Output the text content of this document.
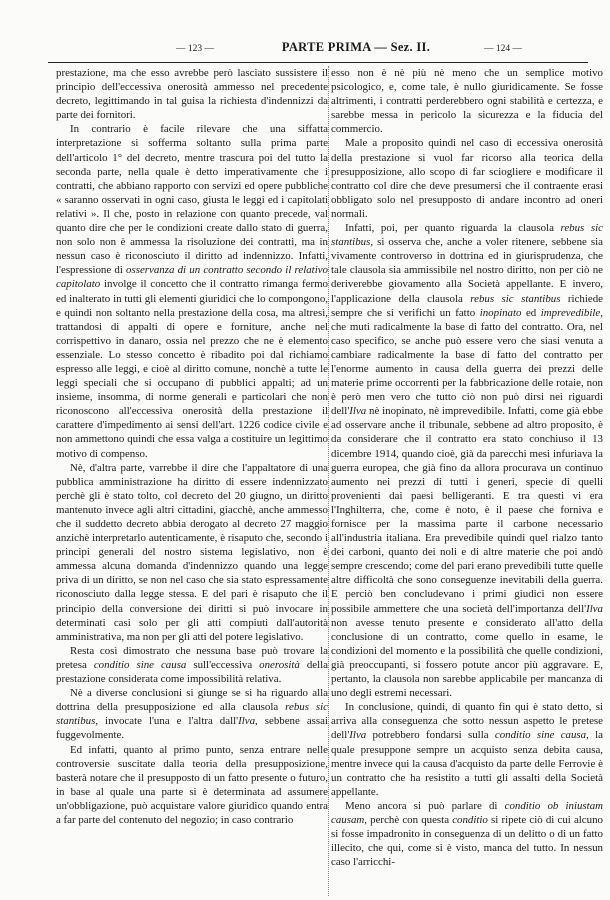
— 123 —	PARTE PRIMA — Sez. II.	— 124 —

prestazione, ma che esso avrebbe però lasciato sussistere il principio dell'eccessiva onerosità ammesso nel precedente decreto, legittimando in tal guisa la richiesta d'indennizzi da parte dei fornitori.

In contrario è facile rilevare che una siffatta interpretazione si sofferma soltanto sulla prima parte dell'articolo 1° del decreto, mentre trascura poi del tutto la seconda parte, nella quale è detto imperativamente che i contratti, che abbiano rapporto con servizi ed opere pubbliche « saranno osservati in ogni caso, giusta le leggi ed i capitolati relativi ». Il che, posto in relazione con quanto precede, val quanto dire che per le condizioni create dallo stato di guerra, non solo non è ammessa la risoluzione dei contratti, ma in nessun caso è riconosciuto il diritto ad indennizzo. Infatti, l'espressione di osservanza di un contratto secondo il relativo capitolato involge il concetto che il contratto rimanga fermo ed inalterato in tutti gli elementi giuridici che lo compongono, e quindi non soltanto nella prestazione della cosa, ma altresì, trattandosi di appalti di opere e forniture, anche nel corrispettivo in danaro, ossia nel prezzo che ne è elemento essenziale. Lo stesso concetto è ribadito poi dal richiamo espresso alle leggi, e cioè al diritto comune, nonchè a tutte le leggi speciali che si occupano di pubblici appalti; ad un insieme, insomma, di norme generali e particolari che non riconoscono all'eccessiva onerosità della prestazione il carattere d'impedimento ai sensi dell'art. 1226 codice civile e non ammettono quindi che essa valga a costituire un legittimo motivo di compenso.

Nè, d'altra parte, varrebbe il dire che l'appaltatore di una pubblica amministrazione ha diritto di essere indennizzato perchè gli è stato tolto, col decreto del 20 giugno, un diritto mantenuto invece agli altri cittadini, giacchè, anche ammesso che il suddetto decreto abbia derogato al decreto 27 maggio anzichè interpretarlo autenticamente, è risaputo che, secondo i principi generali del nostro sistema legislativo, non è ammessa alcuna domanda d'indennizzo quando una legge priva di un diritto, se non nel caso che sia stato espressamente riconosciuto dalla legge stessa. E del pari è risaputo che il principio della conversione dei diritti si può invocare in determinati casi solo per gli atti compiuti dall'autorità amministrativa, ma non per gli atti del potere legislativo.

Resta così dimostrato che nessuna base può trovare la pretesa conditio sine causa sull'eccessiva onerosità della prestazione considerata come impossibilità relativa.

Nè a diverse conclusioni si giunge se si ha riguardo alla dottrina della presupposizione ed alla clausola rebus sic stantibus, invocate l'una e l'altra dall'Ilva, sebbene assai fuggevolmente.

Ed infatti, quanto al primo punto, senza entrare nelle controversie suscitate dalla teoria della presupposizione, basterà notare che il presupposto di un fatto presente o futuro, in base al quale una parte si è determinata ad assumere un'obbligazione, può acquistare valore giuridico quando entra a far parte del contenuto del negozio; in caso contrario

esso non è nè più nè meno che un semplice motivo psicologico, e, come tale, è nullo giuridicamente. Se fosse altrimenti, i contratti perderebbero ogni stabilità e certezza, e sarebbe messa in pericolo la sicurezza e la fiducia del commercio.

Male a proposito quindi nel caso di eccessiva onerosità della prestazione si vuol far ricorso alla teorica della presupposizione, allo scopo di far sciogliere e modificare il contratto col dire che deve presumersi che il contraente erasi obbligato solo nel presupposto di andare incontro ad oneri normali.

Infatti, poi, per quanto riguarda la clausola rebus sic stantibus, si osserva che, anche a voler ritenere, sebbene sia vivamente controverso in dottrina ed in giurisprudenza, che tale clausola sia ammissibile nel nostro diritto, non per ciò ne deriverebbe giovamento alla Società appellante. E invero, l'applicazione della clausola rebus sic stantibus richiede sempre che si verifichi un fatto inopinato ed imprevedibile, che muti radicalmente la base di fatto del contratto. Ora, nel caso specifico, se anche può essere vero che siasi venuta a cambiare radicalmente la base di fatto del contratto per l'enorme aumento in causa della guerra dei prezzi delle materie prime occorrenti per la fabbricazione delle rotaie, non è però men vero che tutto ciò non può dirsi nei riguardi dell'Ilva nè inopinato, nè imprevedibile. Infatti, come già ebbe ad osservare anche il tribunale, sebbene ad altro proposito, è da considerare che il contratto era stato conchiuso il 13 dicembre 1914, quando cioè, già da parecchi mesi infuriava la guerra europea, che già fino da allora procurava un continuo aumento nei prezzi di tutti i generi, specie di quelli provenienti dai paesi belligeranti. E tra questi vi era l'Inghilterra, che, come è noto, è il paese che forniva e fornisce per la massima parte il carbone necessario all'industria italiana. Era prevedibile quindi quel rialzo tanto dei carboni, quanto dei noli e di altre materie che poi andò sempre crescendo; come del pari erano prevedibili tutte quelle altre difficoltà che sono conseguenze inevitabili della guerra. E perciò ben concludevano i primi giudici non essere possibile ammettere che una società dell'importanza dell'Ilva non avesse tenuto presente e considerato all'atto della conclusione di un contratto, come quello in esame, le condizioni del momento e la possibilità che quelle condizioni, già preoccupanti, si fossero potute ancor più aggravare. E, pertanto, la clausola non sarebbe applicabile per mancanza di uno degli estremi necessari.

In conclusione, quindi, di quanto fin qui è stato detto, si arriva alla conseguenza che sotto nessun aspetto le pretese dell'Ilva potrebbero fondarsi sulla conditio sine causa, la quale presuppone sempre un acquisto senza debita causa, mentre invece qui la causa d'acquisto da parte delle Ferrovie è un contratto che ha resistito a tutti gli assalti della Società appellante.

Meno ancora si può parlare di conditio ob iniustam causam, perchè con questa conditio si ripete ciò di cui alcuno si fosse impadronito in conseguenza di un delitto o di un fatto illecito, che qui, come si è visto, manca del tutto. In nessun caso l'arricchi-
